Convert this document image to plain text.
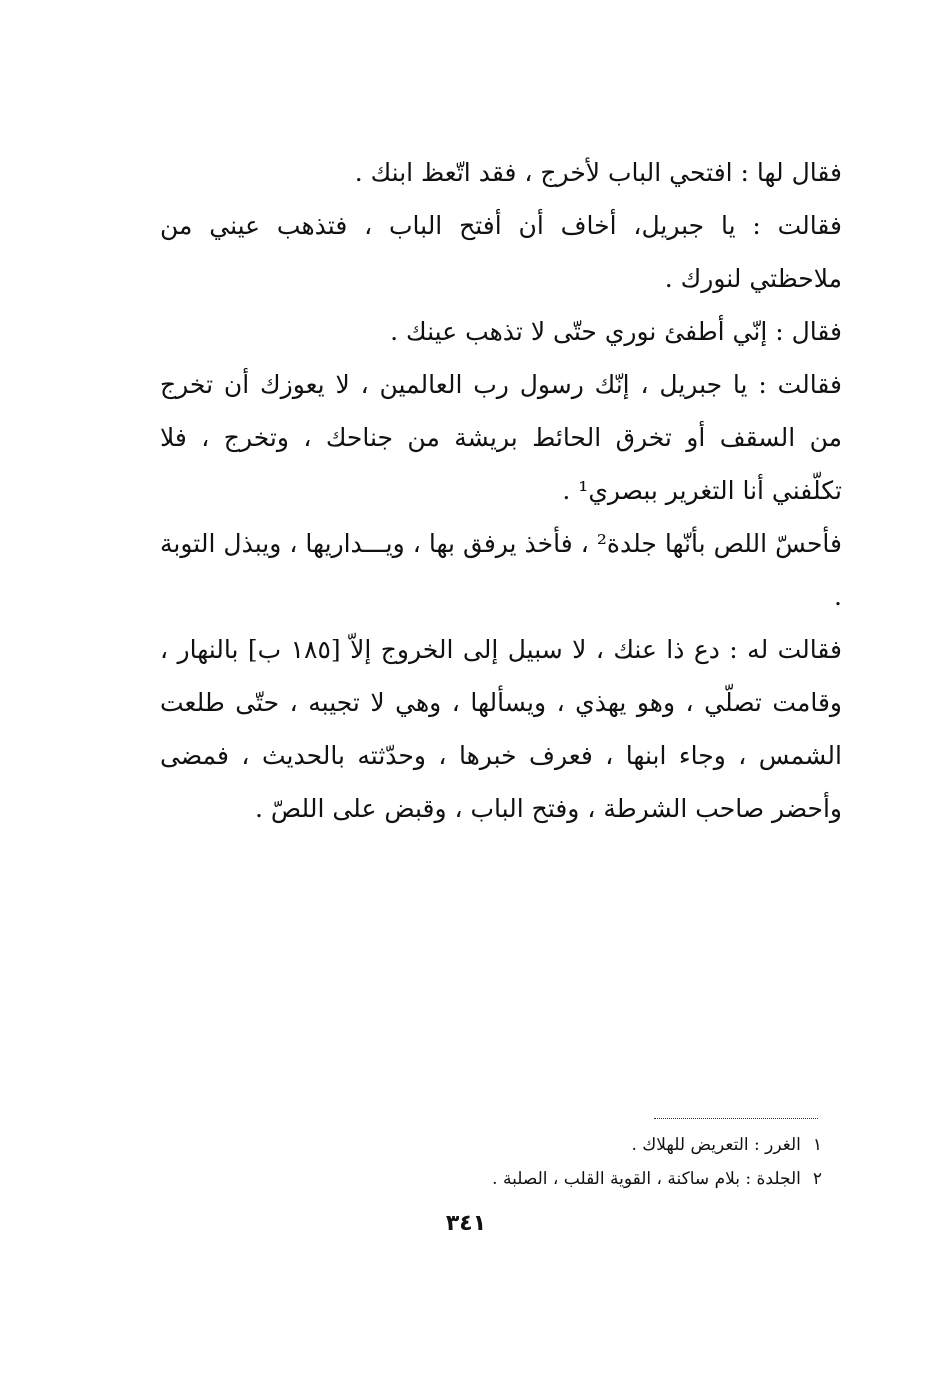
فقال لها : افتحي الباب لأخرج ، فقد اتّعظ ابنك .

فقالت : يا جبريل، أخاف أن أفتح الباب ، فتذهب عيني من ملاحظتي لنورك .

فقال : إنّي أطفئ نوري حتّى لا تذهب عينك .

فقالت : يا جبريل ، إنّك رسول رب العالمين ، لا يعوزك أن تخرج من السقف أو تخرق الحائط بريشة من جناحك ، وتخرج ، فلا تكلّفني أنا التغرير ببصري¹ .

فأحسّ اللص بأنّها جلدة² ، فأخذ يرفق بها ، ويـــداريها ، ويبذل التوبة .

فقالت له : دع ذا عنك ، لا سبيل إلى الخروج إلاّ [١٨٥ ب] بالنهار ، وقامت تصلّي ، وهو يهذي ، ويسألها ، وهي لا تجيبه ، حتّى طلعت الشمس ، وجاء ابنها ، فعرف خبرها ، وحدّثته بالحديث ، فمضى وأحضر صاحب الشرطة ، وفتح الباب ، وقبض على اللصّ .

١الغرر : التعريض للهلاك .

٢الجلدة : بلام ساكنة ، القوية القلب ، الصلبة .

٣٤١
